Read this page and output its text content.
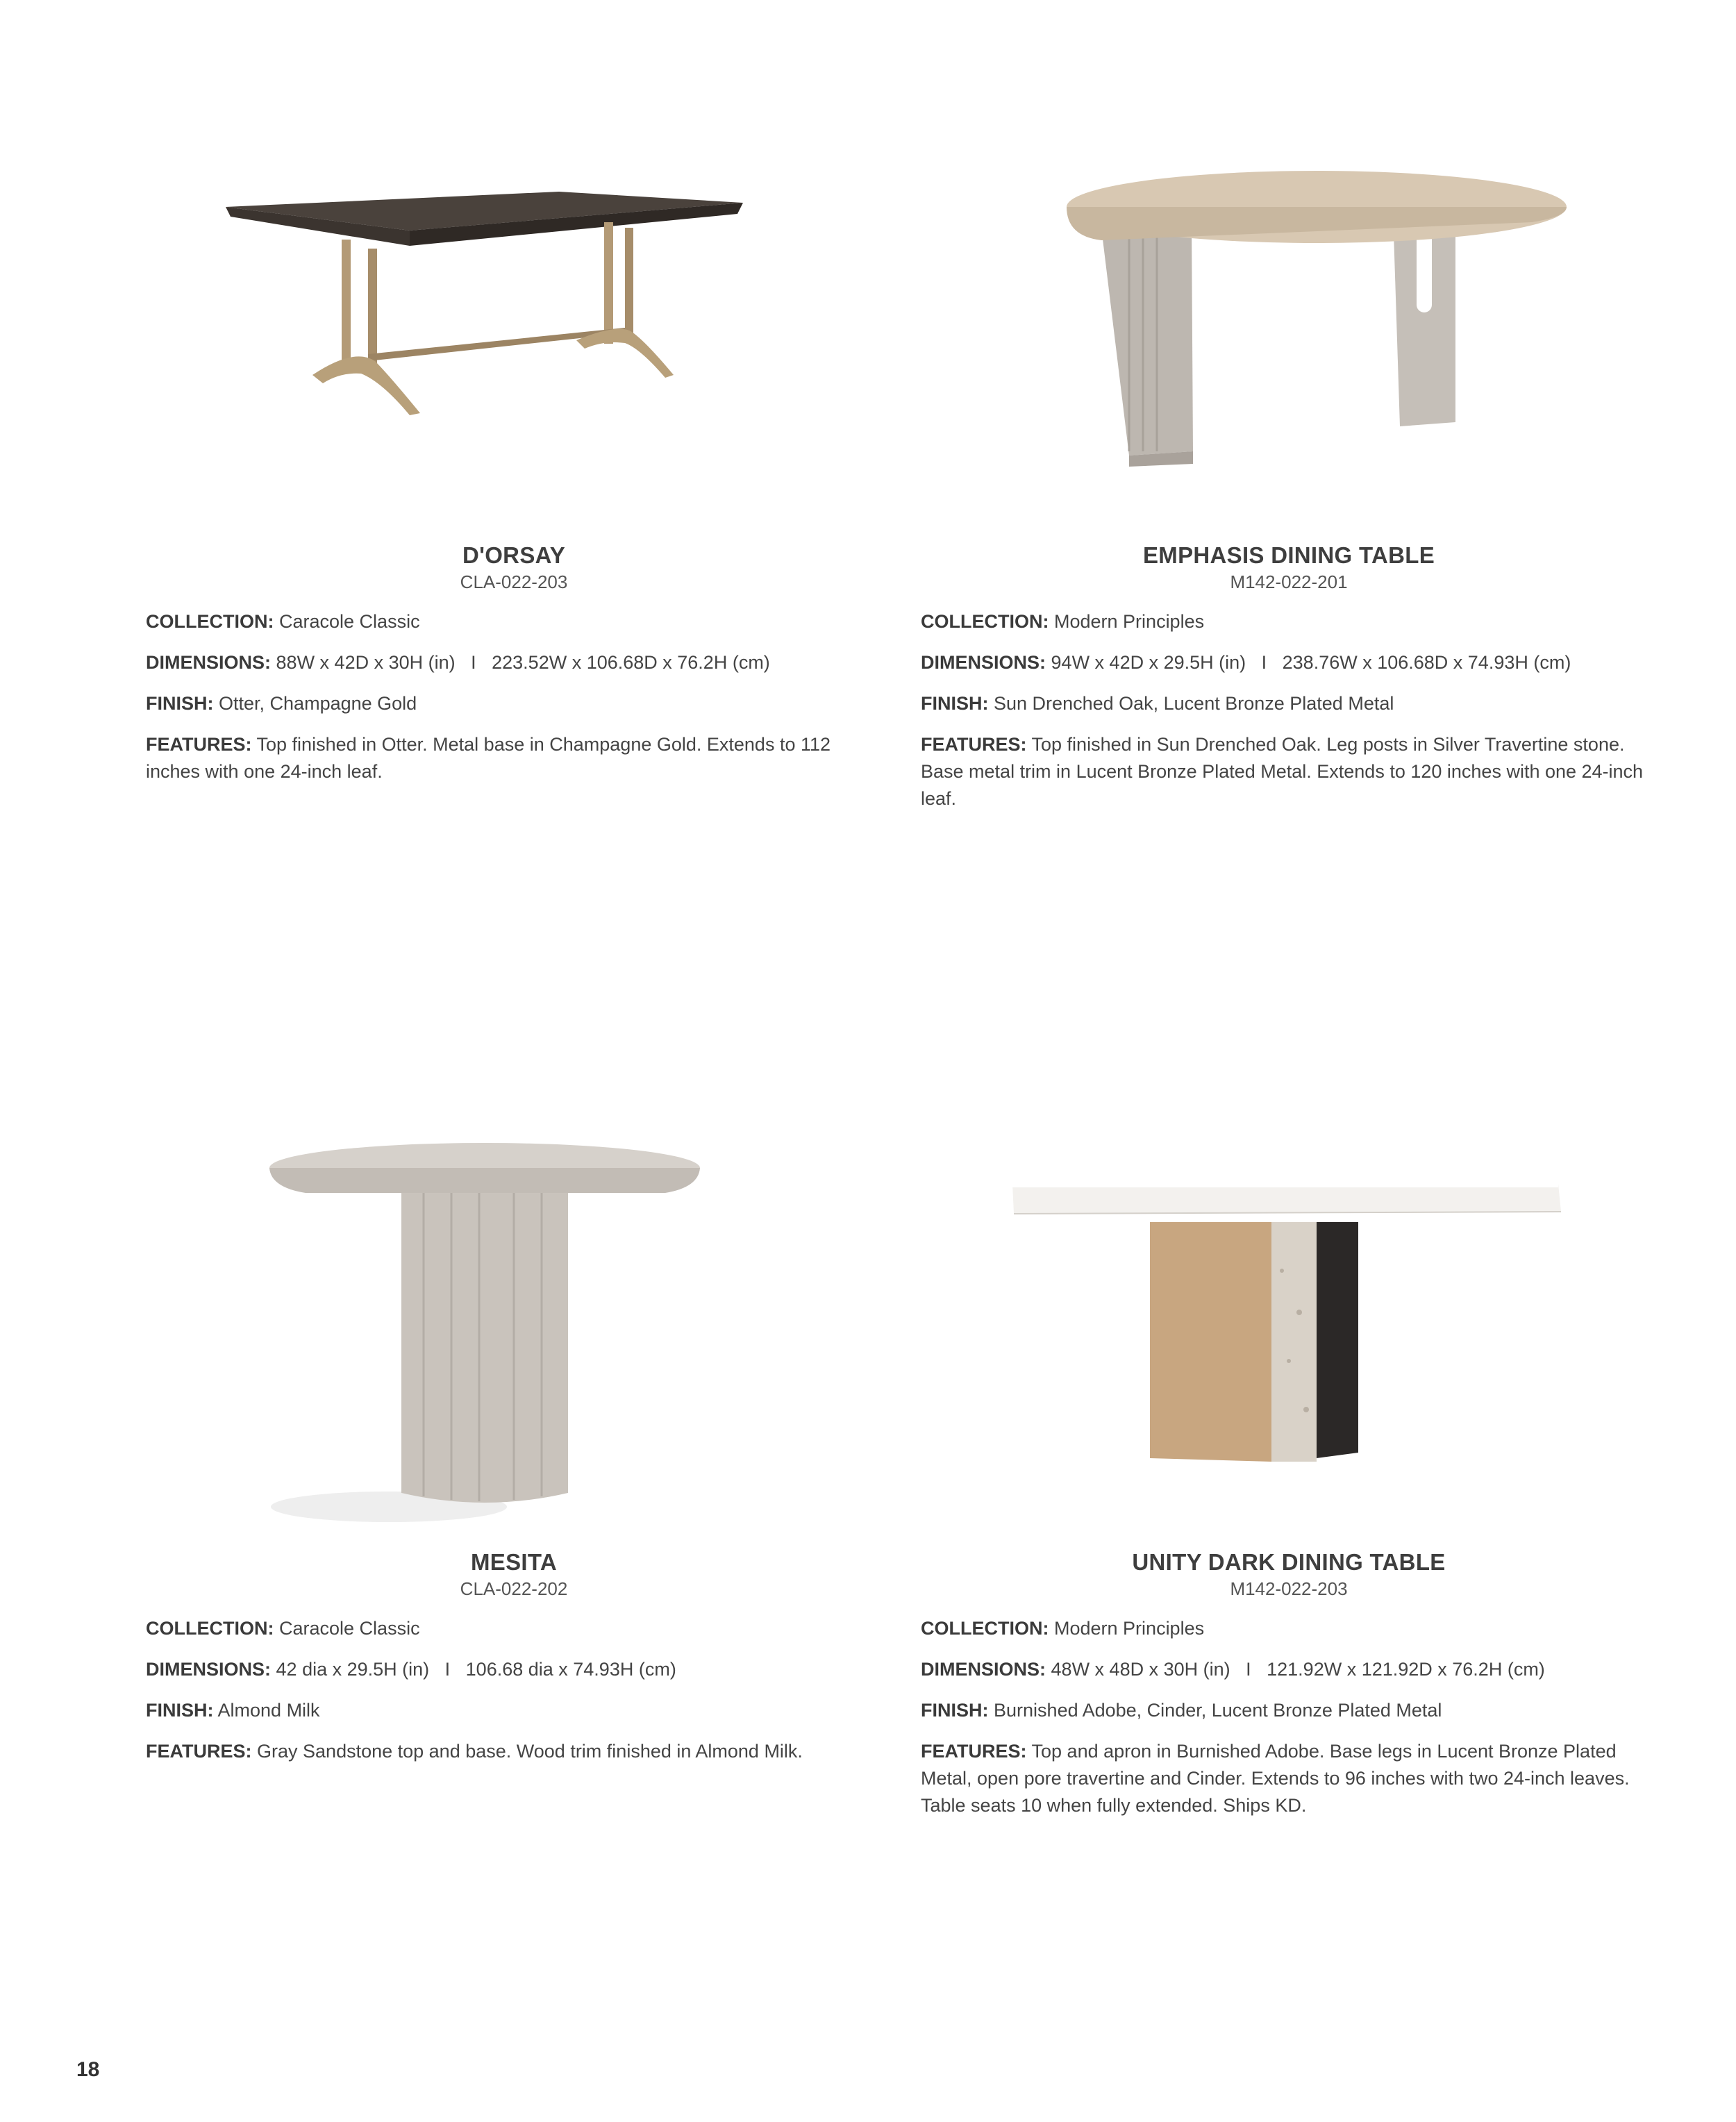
D'ORSAY
CLA-022-203
COLLECTION: Caracole Classic
DIMENSIONS: 88W x 42D x 30H (in)   I   223.52W x 106.68D x 76.2H (cm)
FINISH: Otter, Champagne Gold
FEATURES: Top finished in Otter. Metal base in Champagne Gold. Extends to 112 inches with one 24-inch leaf.
EMPHASIS DINING TABLE
M142-022-201
COLLECTION: Modern Principles
DIMENSIONS: 94W x 42D x 29.5H (in)   I   238.76W x 106.68D x 74.93H (cm)
FINISH: Sun Drenched Oak, Lucent Bronze Plated Metal
FEATURES: Top finished in Sun Drenched Oak. Leg posts in Silver Travertine stone. Base metal trim in Lucent Bronze Plated Metal. Extends to 120 inches with one 24-inch leaf.
MESITA
CLA-022-202
COLLECTION: Caracole Classic
DIMENSIONS: 42 dia x 29.5H (in)   I   106.68 dia x 74.93H (cm)
FINISH: Almond Milk
FEATURES: Gray Sandstone top and base. Wood trim finished in Almond Milk.
UNITY DARK DINING TABLE
M142-022-203
COLLECTION: Modern Principles
DIMENSIONS: 48W x 48D x 30H (in)   I   121.92W x 121.92D x 76.2H (cm)
FINISH: Burnished Adobe, Cinder, Lucent Bronze Plated Metal
FEATURES: Top and apron in Burnished Adobe. Base legs in Lucent Bronze Plated Metal, open pore travertine and Cinder. Extends to 96 inches with two 24-inch leaves. Table seats 10 when fully extended. Ships KD.
18
